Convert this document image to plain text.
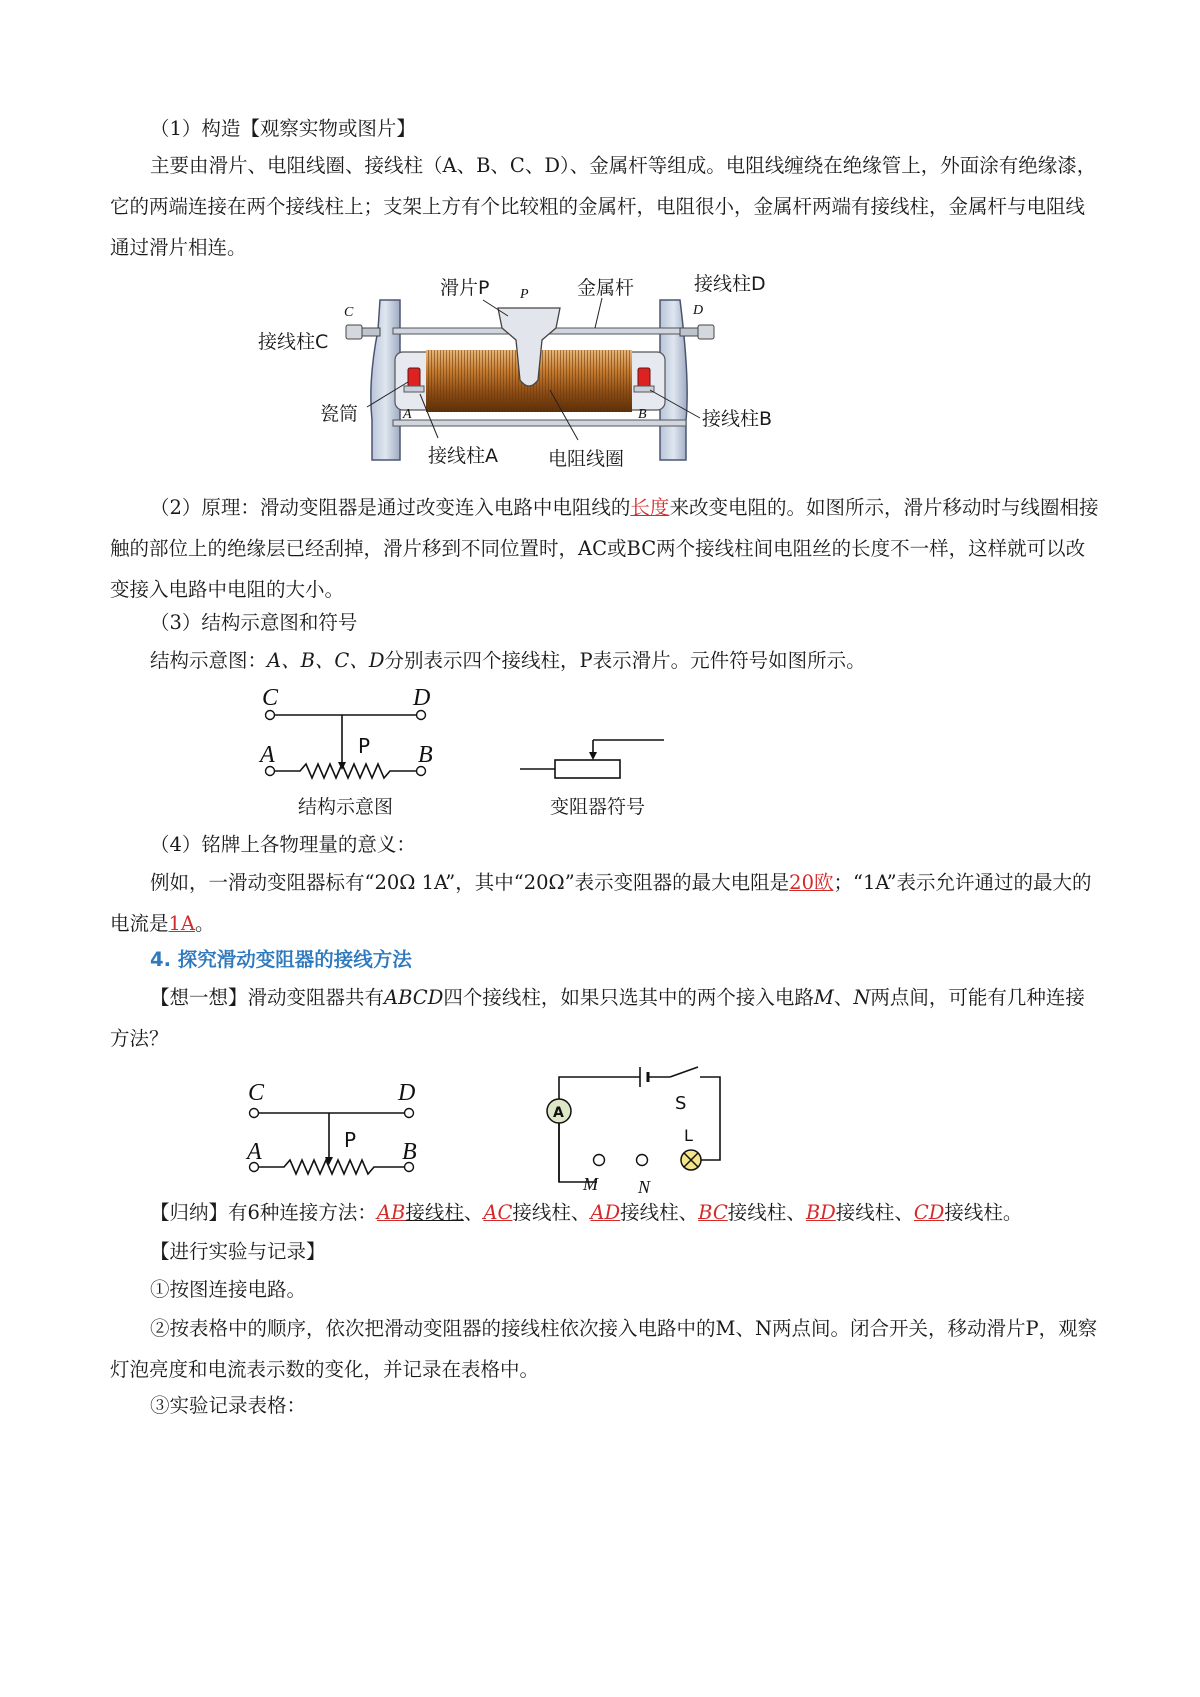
（1）构造【观察实物或图片】

主要由滑片、电阻线圈、接线柱（A、B、C、D）、金属杆等组成。电阻线缠绕在绝缘管上，外面涂有绝缘漆，它的两端连接在两个接线柱上；支架上方有个比较粗的金属杆，电阻很小，金属杆两端有接线柱，金属杆与电阻线通过滑片相连。

滑片P P	金属杆	接线柱D
D
C
接线柱C
瓷筒	A	B	接线柱B
接线柱A	电阻线圈

（2）原理：滑动变阻器是通过改变连入电路中电阻线的长度来改变电阻的。如图所示，滑片移动时与线圈相接触的部位上的绝缘层已经刮掉，滑片移到不同位置时，AC或BC两个接线柱间电阻丝的长度不一样，这样就可以改变接入电路中电阻的大小。

（3）结构示意图和符号

结构示意图：A、B、C、D分别表示四个接线柱，P表示滑片。元件符号如图所示。

C	D
A	B
P
结构示意图	变阻器符号

（4）铭牌上各物理量的意义：

例如，一滑动变阻器标有“20Ω 1A”，其中“20Ω”表示变阻器的最大电阻是20欧；“1A”表示允许通过的最大的电流是1A。

4. 探究滑动变阻器的接线方法

【想一想】滑动变阻器共有ABCD四个接线柱，如果只选其中的两个接入电路M、N两点间，可能有几种连接方法？

A
C	D
A	B
P
S
L
M N

【归纳】有6种连接方法：AB接线柱、AC接线柱、AD接线柱、BC接线柱、BD接线柱、CD接线柱。

【进行实验与记录】

①按图连接电路。

②按表格中的顺序，依次把滑动变阻器的接线柱依次接入电路中的M、N两点间。闭合开关，移动滑片P，观察灯泡亮度和电流表示数的变化，并记录在表格中。

③实验记录表格：
